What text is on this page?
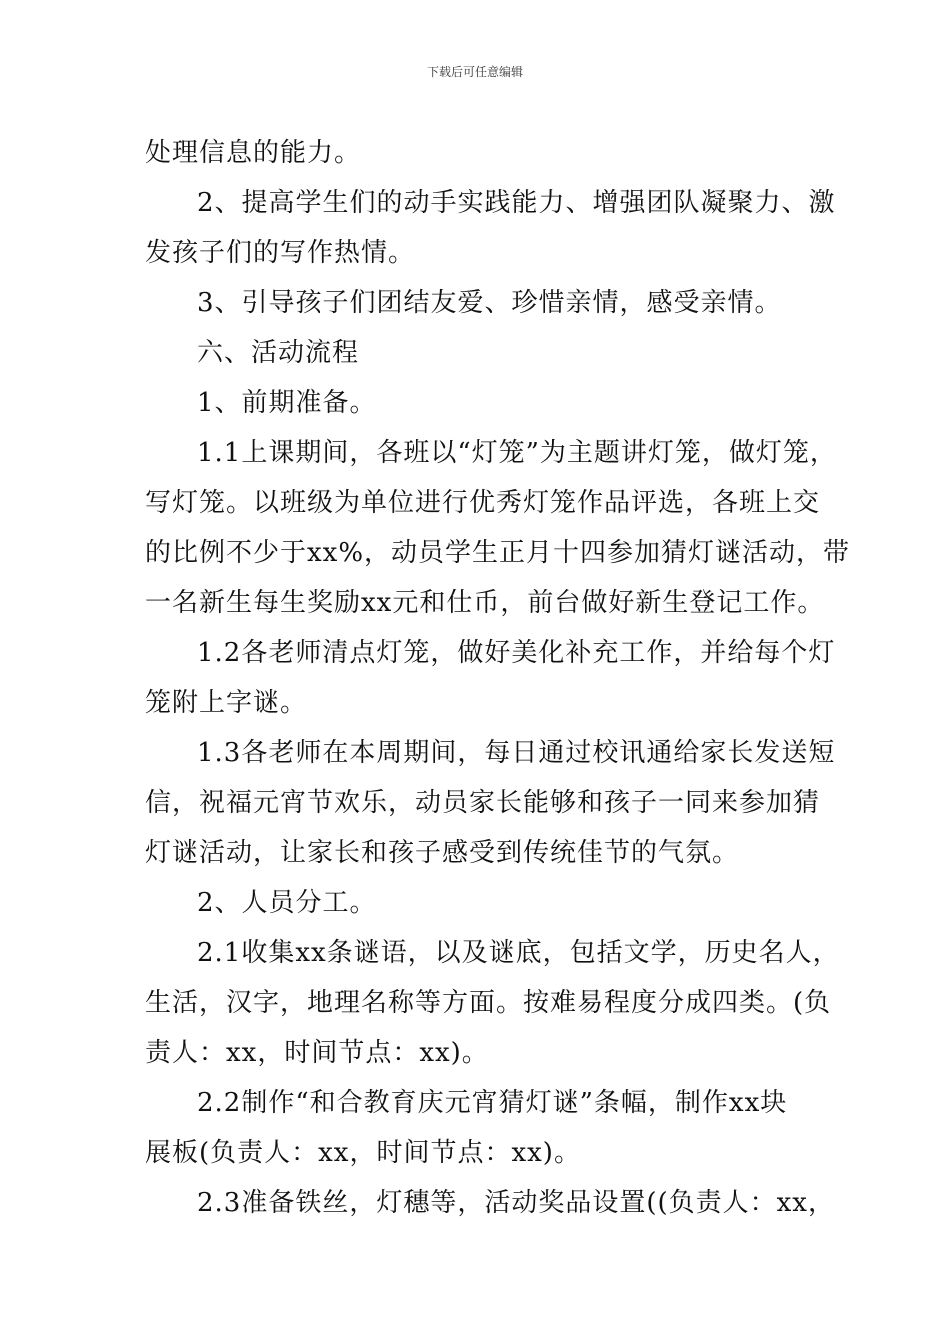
下载后可任意编辑
处理信息的能力。
2、提高学生们的动手实践能力、增强团队凝聚力、激
发孩子们的写作热情。
3、引导孩子们团结友爱、珍惜亲情，感受亲情。
六、活动流程
1、前期准备。
1.1上课期间，各班以“灯笼”为主题讲灯笼，做灯笼，
写灯笼。以班级为单位进行优秀灯笼作品评选，各班上交
的比例不少于xx%，动员学生正月十四参加猜灯谜活动，带
一名新生每生奖励xx元和仕币，前台做好新生登记工作。
1.2各老师清点灯笼，做好美化补充工作，并给每个灯
笼附上字谜。
1.3各老师在本周期间，每日通过校讯通给家长发送短
信，祝福元宵节欢乐，动员家长能够和孩子一同来参加猜
灯谜活动，让家长和孩子感受到传统佳节的气氛。
2、人员分工。
2.1收集xx条谜语，以及谜底，包括文学，历史名人，
生活，汉字，地理名称等方面。按难易程度分成四类。(负
责人：xx，时间节点：xx)。
2.2制作“和合教育庆元宵猜灯谜”条幅，制作xx块
展板(负责人：xx，时间节点：xx)。
2.3准备铁丝，灯穗等，活动奖品设置((负责人：xx，
